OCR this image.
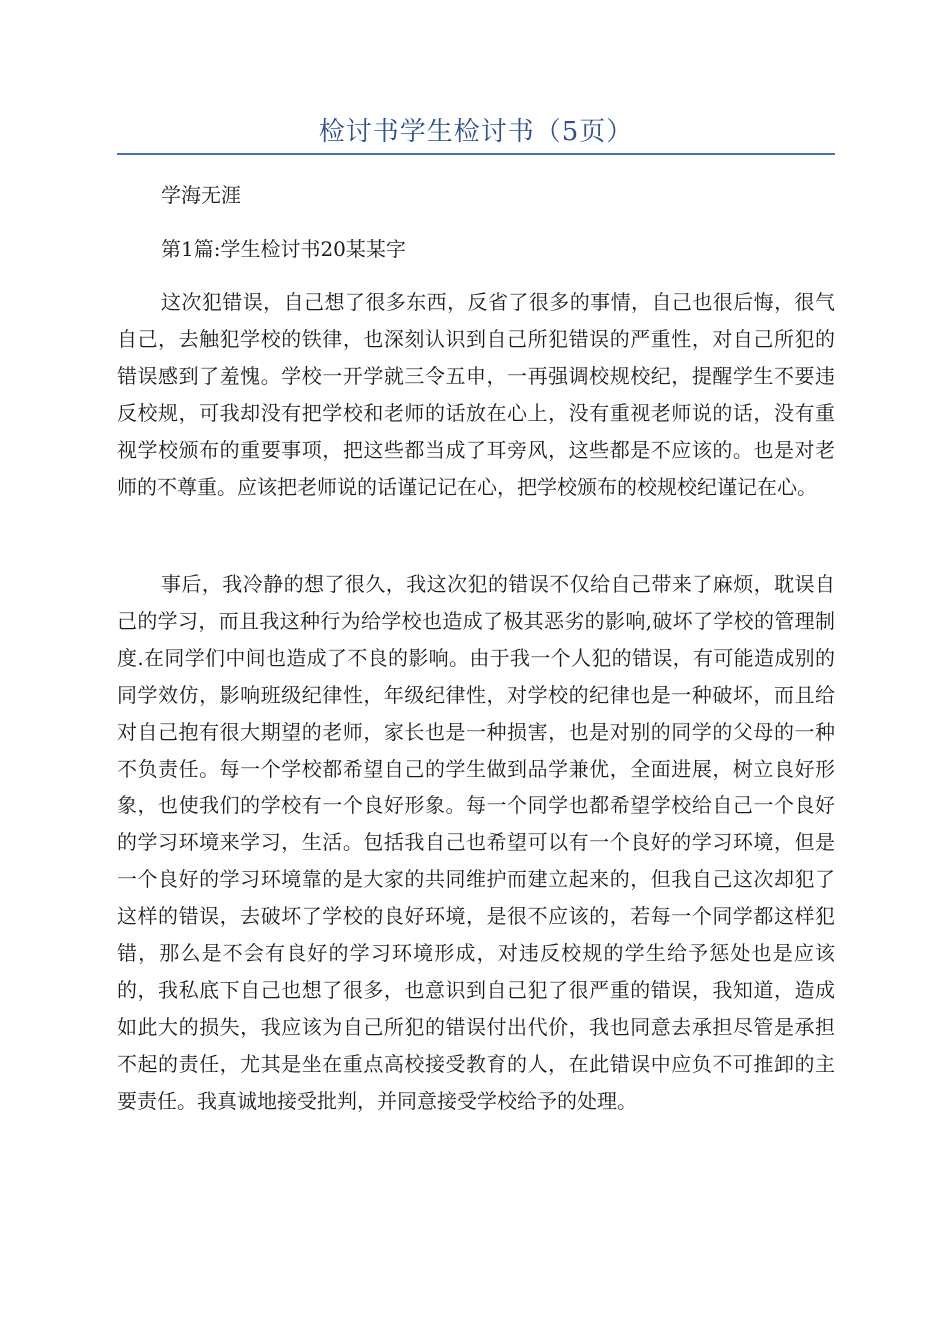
检讨书学生检讨书（5页）
学海无涯
第1篇:学生检讨书20某某字

这次犯错误，自己想了很多东西，反省了很多的事情，自己也很后悔，很气自己，去触犯学校的铁律，也深刻认识到自己所犯错误的严重性，对自己所犯的错误感到了羞愧。学校一开学就三令五申，一再强调校规校纪，提醒学生不要违反校规，可我却没有把学校和老师的话放在心上，没有重视老师说的话，没有重视学校颁布的重要事项，把这些都当成了耳旁风，这些都是不应该的。也是对老师的不尊重。应该把老师说的话谨记记在心，把学校颁布的校规校纪谨记在心。

事后，我冷静的想了很久，我这次犯的错误不仅给自己带来了麻烦，耽误自己的学习，而且我这种行为给学校也造成了极其恶劣的影响,破坏了学校的管理制度.在同学们中间也造成了不良的影响。由于我一个人犯的错误，有可能造成别的同学效仿，影响班级纪律性，年级纪律性，对学校的纪律也是一种破坏，而且给对自己抱有很大期望的老师，家长也是一种损害，也是对别的同学的父母的一种不负责任。每一个学校都希望自己的学生做到品学兼优，全面进展，树立良好形象，也使我们的学校有一个良好形象。每一个同学也都希望学校给自己一个良好的学习环境来学习，生活。包括我自己也希望可以有一个良好的学习环境，但是一个良好的学习环境靠的是大家的共同维护而建立起来的，但我自己这次却犯了这样的错误，去破坏了学校的良好环境，是很不应该的，若每一个同学都这样犯错，那么是不会有良好的学习环境形成，对违反校规的学生给予惩处也是应该的，我私底下自己也想了很多，也意识到自己犯了很严重的错误，我知道，造成如此大的损失，我应该为自己所犯的错误付出代价，我也同意去承担尽管是承担不起的责任，尤其是坐在重点高校接受教育的人，在此错误中应负不可推卸的主要责任。我真诚地接受批判，并同意接受学校给予的处理。
